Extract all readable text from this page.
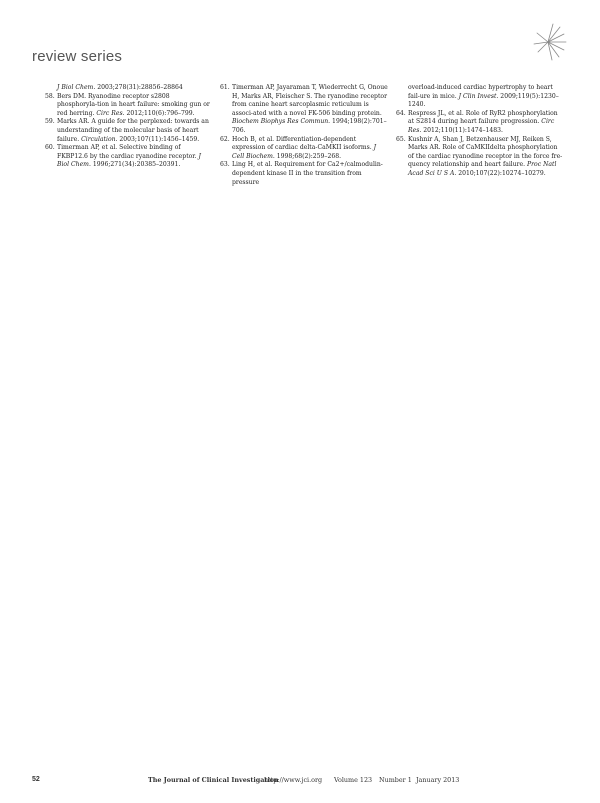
review series

J Biol Chem. 2003;278(31):28856–28864

58. Bers DM. Ryanodine receptor s2808 phosphoryla-tion in heart failure: smoking gun or red herring. Circ Res. 2012;110(6):796–799.

59. Marks AR. A guide for the perplexed: towards an understanding of the molecular basis of heart failure. Circulation. 2003;107(11):1456–1459.

60. Timerman AP, et al. Selective binding of FKBP12.6 by the cardiac ryanodine receptor. J Biol Chem. 1996;271(34):20385–20391.

61. Timerman AP, Jayaraman T, Wiederrecht G, Onoue H, Marks AR, Fleischer S. The ryanodine receptor from canine heart sarcoplasmic reticulum is associ-ated with a novel FK-506 binding protein. Biochem Biophys Res Commun. 1994;198(2):701–706.

62. Hoch B, et al. Differentiation-dependent expression of cardiac delta-CaMKII isoforms. J Cell Biochem. 1998;68(2):259–268.

63. Ling H, et al. Requirement for Ca2+/calmodulin-dependent kinase II in the transition from pressure

overload-induced cardiac hypertrophy to heart fail-ure in mice. J Clin Invest. 2009;119(5):1230–1240.

64. Respress JL, et al. Role of RyR2 phosphorylation at S2814 during heart failure progression. Circ Res. 2012;110(11):1474–1483.

65. Kushnir A, Shan J, Betzenhauser MJ, Reiken S, Marks AR. Role of CaMKIIdelta phosphorylation of the cardiac ryanodine receptor in the force fre-quency relationship and heart failure. Proc Natl Acad Sci U S A. 2010;107(22):10274–10279.

52	The Journal of Clinical Investigation
http://www.jci.org Volume 123 Number 1 January 2013
